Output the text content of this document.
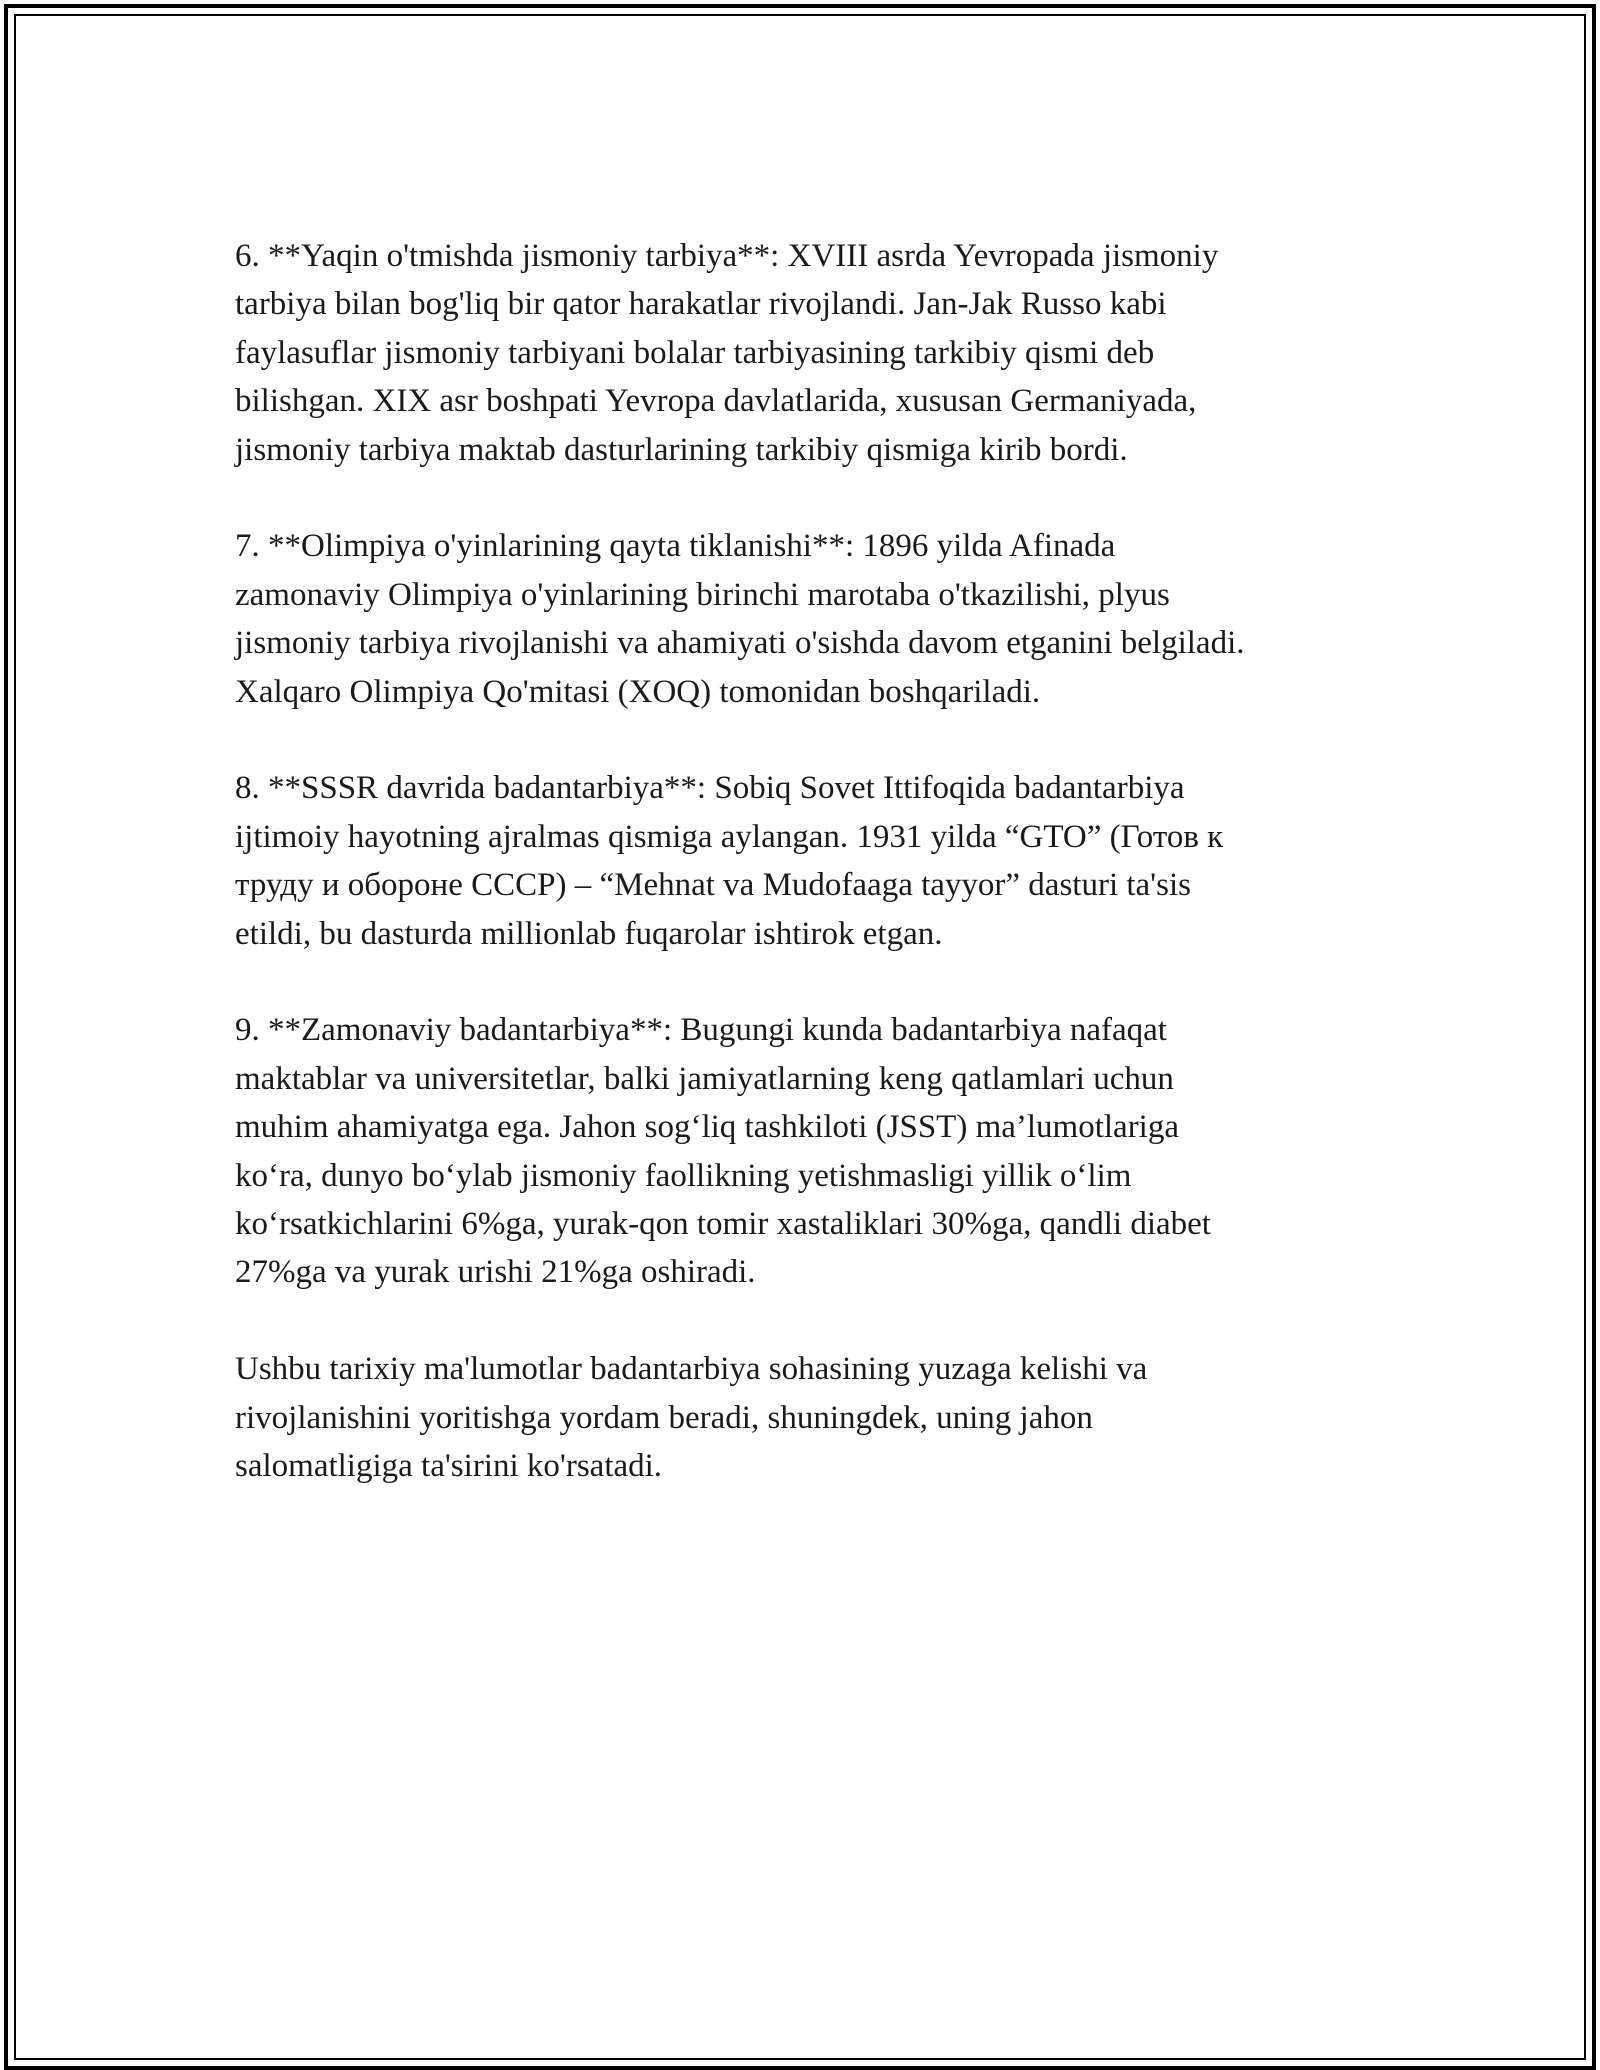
6. **Yaqin o'tmishda jismoniy tarbiya**: XVIII asrda Yevropada jismoniy
tarbiya bilan bog'liq bir qator harakatlar rivojlandi. Jan-Jak Russo kabi
faylasuflar jismoniy tarbiyani bolalar tarbiyasining tarkibiy qismi deb
bilishgan. XIX asr boshpati Yevropa davlatlarida, xususan Germaniyada,
jismoniy tarbiya maktab dasturlarining tarkibiy qismiga kirib bordi.

7. **Olimpiya o'yinlarining qayta tiklanishi**: 1896 yilda Afinada
zamonaviy Olimpiya o'yinlarining birinchi marotaba o'tkazilishi, plyus
jismoniy tarbiya rivojlanishi va ahamiyati o'sishda davom etganini belgiladi.
Xalqaro Olimpiya Qo'mitasi (XOQ) tomonidan boshqariladi.

8. **SSSR davrida badantarbiya**: Sobiq Sovet Ittifoqida badantarbiya
ijtimoiy hayotning ajralmas qismiga aylangan. 1931 yilda “GTO” (Готов к
труду и обороне СССР) – “Mehnat va Mudofaaga tayyor” dasturi ta'sis
etildi, bu dasturda millionlab fuqarolar ishtirok etgan.

9. **Zamonaviy badantarbiya**: Bugungi kunda badantarbiya nafaqat
maktablar va universitetlar, balki jamiyatlarning keng qatlamlari uchun
muhim ahamiyatga ega. Jahon sog‘liq tashkiloti (JSST) ma’lumotlariga
ko‘ra, dunyo bo‘ylab jismoniy faollikning yetishmasligi yillik o‘lim
ko‘rsatkichlarini 6%ga, yurak-qon tomir xastaliklari 30%ga, qandli diabet
27%ga va yurak urishi 21%ga oshiradi.

Ushbu tarixiy ma'lumotlar badantarbiya sohasining yuzaga kelishi va
rivojlanishini yoritishga yordam beradi, shuningdek, uning jahon
salomatligiga ta'sirini ko'rsatadi.
